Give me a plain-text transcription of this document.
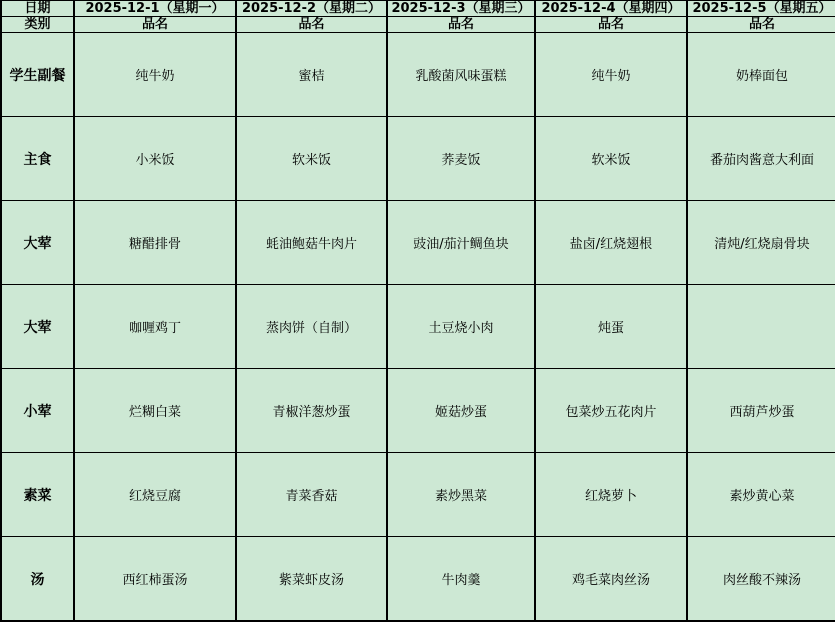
日期	2025-12-1（星期一）	2025-12-2（星期二）	2025-12-3（星期三）	2025-12-4（星期四）	2025-12-5（星期五）
类别	品名	品名	品名	品名	品名
学生副餐	纯牛奶	蜜桔	乳酸菌风味蛋糕	纯牛奶	奶棒面包
主食	小米饭	软米饭	荞麦饭	软米饭	番茄肉酱意大利面
大荤	糖醋排骨	蚝油鲍菇牛肉片	豉油/茄汁鲷鱼块	盐卤/红烧翅根	清炖/红烧扇骨块
大荤	咖喱鸡丁	蒸肉饼（自制）	土豆烧小肉	炖蛋	
小荤	烂糊白菜	青椒洋葱炒蛋	姬菇炒蛋	包菜炒五花肉片	西葫芦炒蛋
素菜	红烧豆腐	青菜香菇	素炒黑菜	红烧萝卜	素炒黄心菜
汤	西红柿蛋汤	紫菜虾皮汤	牛肉羹	鸡毛菜肉丝汤	肉丝酸不辣汤
